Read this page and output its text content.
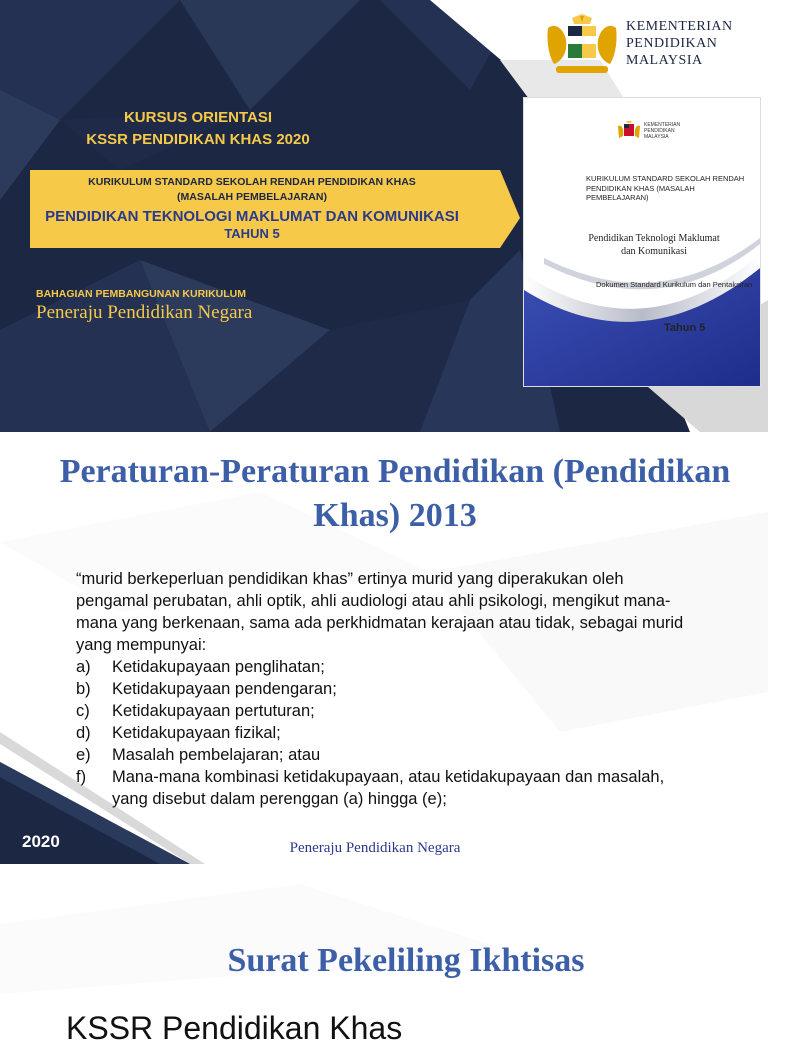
KURSUS ORIENTASI
KSSR PENDIDIKAN KHAS 2020
KURIKULUM STANDARD SEKOLAH RENDAH PENDIDIKAN KHAS
(MASALAH PEMBELAJARAN)
PENDIDIKAN TEKNOLOGI MAKLUMAT DAN KOMUNIKASI
TAHUN 5
BAHAGIAN PEMBANGUNAN KURIKULUM
Peneraju Pendidikan Negara
KEMENTERIAN
PENDIDIKAN
MALAYSIA
KEMENTERIAN
PENDIDIKAN
MALAYSIA
KURIKULUM STANDARD SEKOLAH RENDAH
PENDIDIKAN KHAS (MASALAH PEMBELAJARAN)
Pendidikan Teknologi Maklumat
dan Komunikasi
Dokumen Standard Kurikulum dan Pentaksiran
Tahun 5
Peraturan-Peraturan Pendidikan (Pendidikan Khas) 2013

“murid berkeperluan pendidikan khas” ertinya murid yang diperakukan oleh pengamal perubatan, ahli optik, ahli audiologi atau ahli psikologi, mengikut mana-mana yang berkenaan, sama ada perkhidmatan kerajaan atau tidak, sebagai murid yang mempunyai:

a)	Ketidakupayaan penglihatan;
b)	Ketidakupayaan pendengaran;
c)	Ketidakupayaan pertuturan;
d)	Ketidakupayaan fizikal;
e)	Masalah pembelajaran; atau
f)	Mana-mana kombinasi ketidakupayaan, atau ketidakupayaan dan masalah, yang disebut dalam perenggan (a) hingga (e);
2020	Peneraju Pendidikan Negara
Surat Pekeliling Ikhtisas
KSSR Pendidikan Khas
